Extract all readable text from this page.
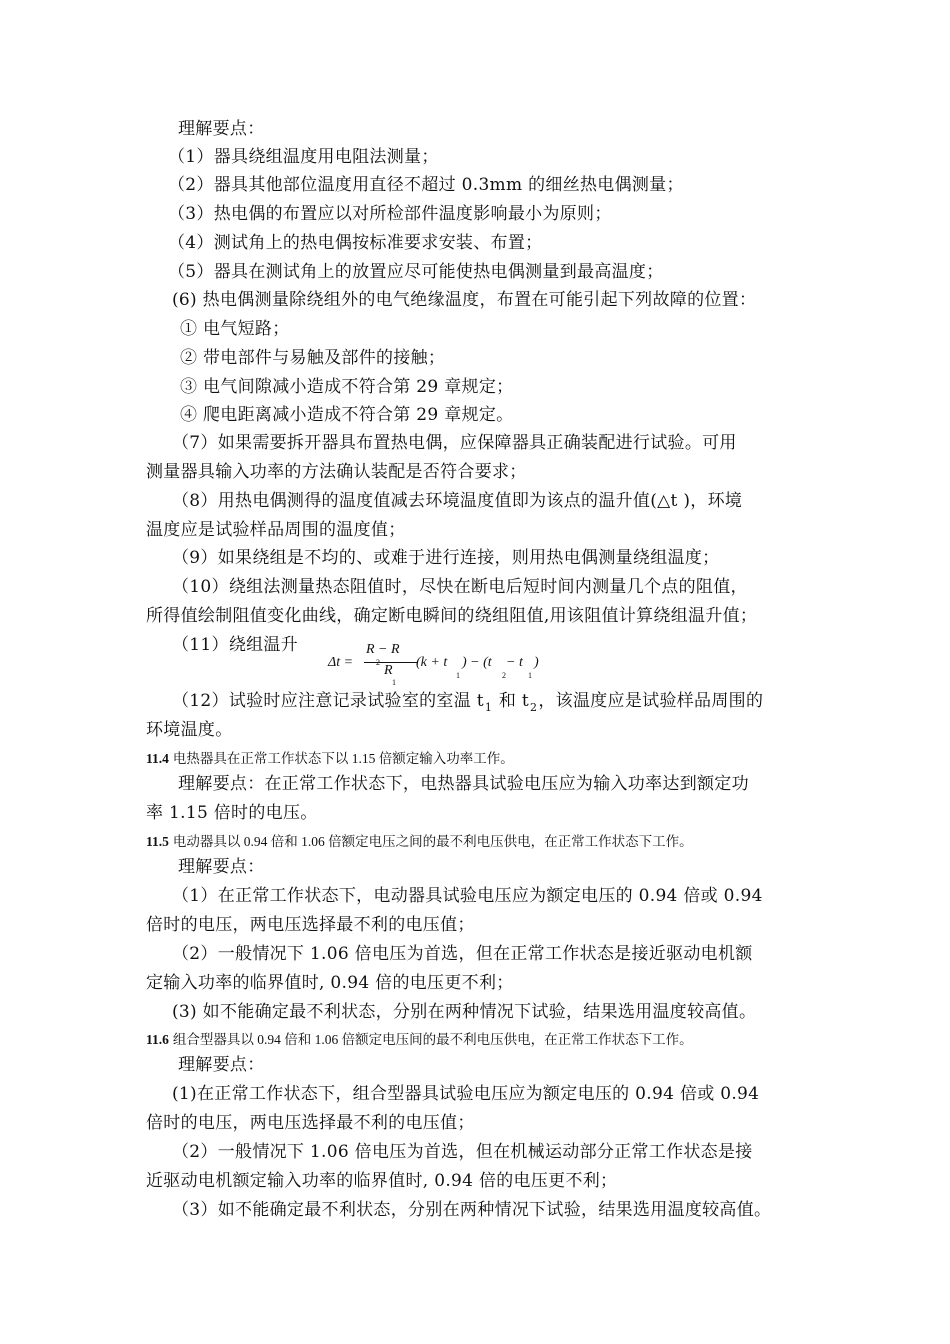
理解要点：
（1）器具绕组温度用电阻法测量；
（2）器具其他部位温度用直径不超过 0.3mm 的细丝热电偶测量；
（3）热电偶的布置应以对所检部件温度影响最小为原则；
（4）测试角上的热电偶按标准要求安装、布置；
（5）器具在测试角上的放置应尽可能使热电偶测量到最高温度；
(6) 热电偶测量除绕组外的电气绝缘温度，布置在可能引起下列故障的位置：
① 电气短路；
② 带电部件与易触及部件的接触；
③ 电气间隙减小造成不符合第 29 章规定；
④ 爬电距离减小造成不符合第 29 章规定。
（7）如果需要拆开器具布置热电偶，应保障器具正确装配进行试验。可用
测量器具输入功率的方法确认装配是否符合要求；
（8）用热电偶测得的温度值减去环境温度值即为该点的温升值(△t )，环境
温度应是试验样品周围的温度值；
（9）如果绕组是不均的、或难于进行连接，则用热电偶测量绕组温度；
（10）绕组法测量热态阻值时，尽快在断电后短时间内测量几个点的阻值，
所得值绘制阻值变化曲线，确定断电瞬间的绕组阻值,用该阻值计算绕组温升值；
（11）绕组温升
Δt =
R − R
R
1
(k + t
1
) − (t
2
− t
1
)
（12）试验时应注意记录试验室的室温 $t_1$ 和 $t_2$，该温度应是试验样品周围的
环境温度。
11.4 电热器具在正常工作状态下以 1.15 倍额定输入功率工作。
理解要点：在正常工作状态下，电热器具试验电压应为输入功率达到额定功
率 1.15 倍时的电压。
11.5 电动器具以 0.94 倍和 1.06 倍额定电压之间的最不利电压供电，在正常工作状态下工作。
理解要点：
（1）在正常工作状态下，电动器具试验电压应为额定电压的 0.94 倍或 0.94
倍时的电压，两电压选择最不利的电压值；
（2）一般情况下 1.06 倍电压为首选，但在正常工作状态是接近驱动电机额
定输入功率的临界值时, 0.94 倍的电压更不利；
(3) 如不能确定最不利状态，分别在两种情况下试验，结果选用温度较高值。
11.6 组合型器具以 0.94 倍和 1.06 倍额定电压间的最不利电压供电，在正常工作状态下工作。
理解要点：
(1)在正常工作状态下，组合型器具试验电压应为额定电压的 0.94 倍或 0.94
倍时的电压，两电压选择最不利的电压值；
（2）一般情况下 1.06 倍电压为首选，但在机械运动部分正常工作状态是接
近驱动电机额定输入功率的临界值时, 0.94 倍的电压更不利；
（3）如不能确定最不利状态，分别在两种情况下试验，结果选用温度较高值。
